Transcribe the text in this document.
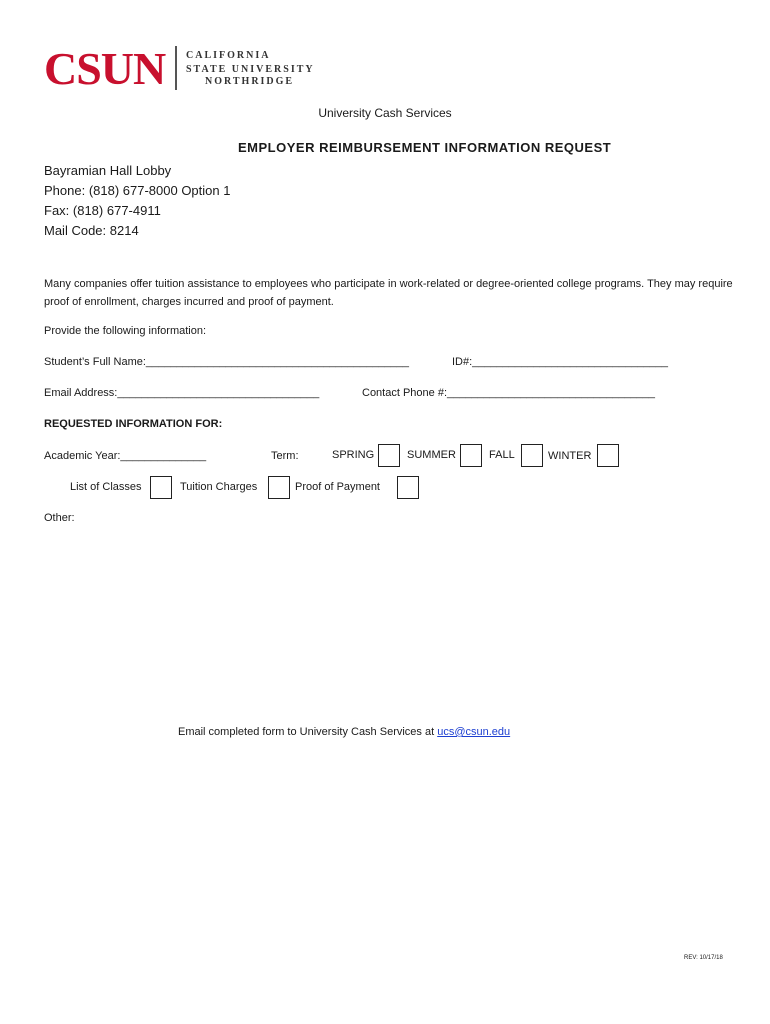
CSUN CALIFORNIA
STATE UNIVERSITY
NORTHRIDGE
University Cash Services
EMPLOYER REIMBURSEMENT INFORMATION REQUEST
Bayramian Hall Lobby
Phone: (818) 677-8000 Option 1
Fax: (818) 677-4911
Mail Code: 8214
Many companies offer tuition assistance to employees who participate in work-related or degree-oriented college programs. They may require proof of enrollment, charges incurred and proof of payment.
Provide the following information:
Student’s Full Name:___________________________________________	ID#:________________________________
Email Address:_________________________________	Contact Phone #:__________________________________
REQUESTED INFORMATION FOR:
Academic Year:______________	Term:	SPRING	SUMMER	FALL	WINTER
List of Classes	Tuition Charges	Proof of Payment
Other:
Email completed form to University Cash Services at ucs@csun.edu
REV: 10/17/18
